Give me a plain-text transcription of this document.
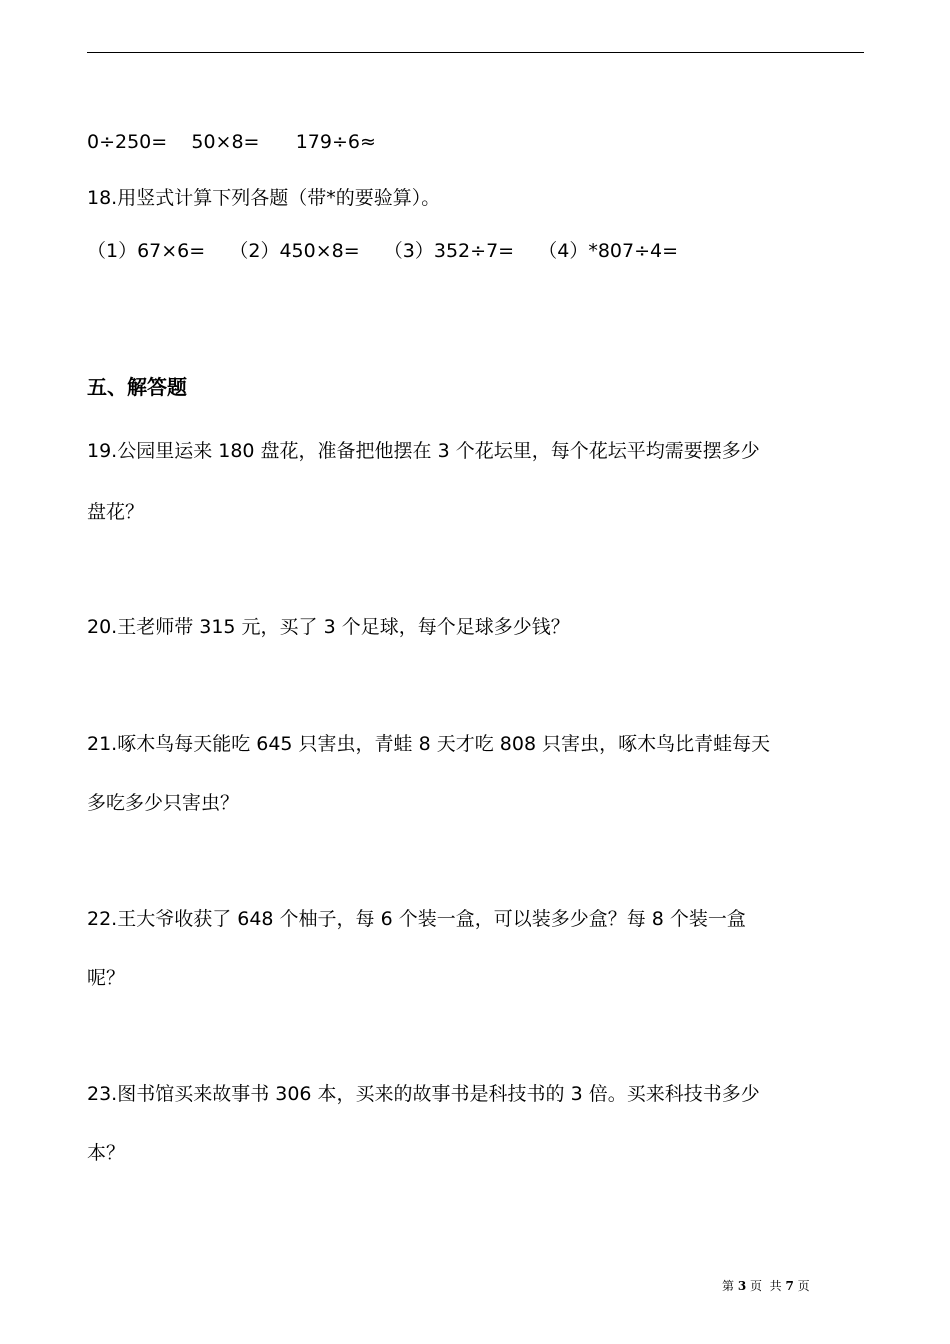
0÷250=    50×8=      179÷6≈
18.用竖式计算下列各题（带*的要验算）。
（1）67×6=    （2）450×8=    （3）352÷7=    （4）*807÷4=
五、解答题
19.公园里运来 180 盘花，准备把他摆在 3 个花坛里，每个花坛平均需要摆多少
盘花？
20.王老师带 315 元，买了 3 个足球，每个足球多少钱？
21.啄木鸟每天能吃 645 只害虫，青蛙 8 天才吃 808 只害虫，啄木鸟比青蛙每天
多吃多少只害虫？
22.王大爷收获了 648 个柚子，每 6 个装一盒，可以装多少盒？每 8 个装一盒
呢？
23.图书馆买来故事书 306 本，买来的故事书是科技书的 3 倍。买来科技书多少
本？
第 3 页  共 7 页
